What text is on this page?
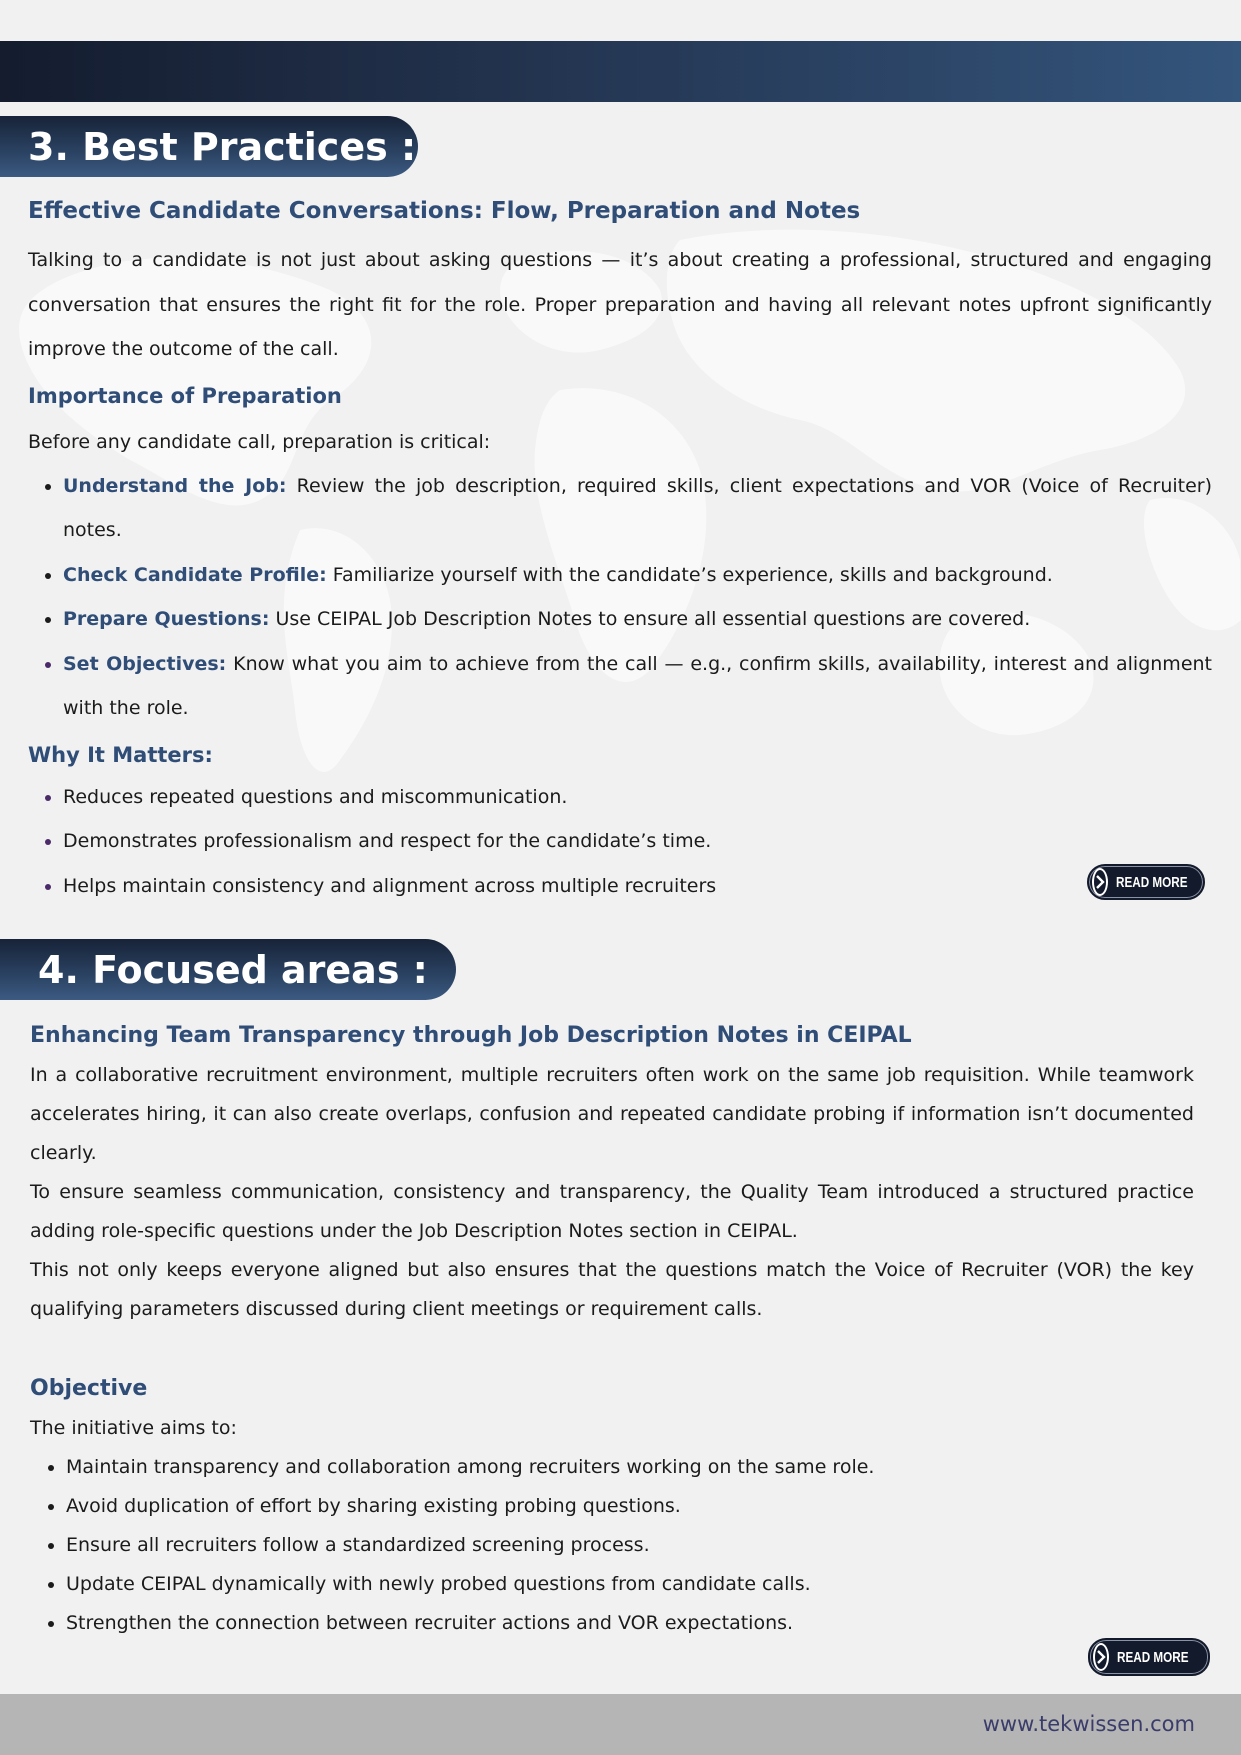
3. Best Practices :
Effective Candidate Conversations: Flow, Preparation and Notes

Talking to a candidate is not just about asking questions — it’s about creating a professional, structured and engaging conversation that ensures the right fit for the role. Proper preparation and having all relevant notes upfront significantly improve the outcome of the call.

Importance of Preparation

Before any candidate call, preparation is critical:

• Understand the Job: Review the job description, required skills, client expectations and VOR (Voice of Recruiter) notes.
• Check Candidate Profile: Familiarize yourself with the candidate’s experience, skills and background.
• Prepare Questions: Use CEIPAL Job Description Notes to ensure all essential questions are covered.
• Set Objectives: Know what you aim to achieve from the call — e.g., confirm skills, availability, interest and alignment with the role.
Why It Matters:
• Reduces repeated questions and miscommunication.
• Demonstrates professionalism and respect for the candidate’s time.
• Helps maintain consistency and alignment across multiple recruiters	READ MORE
4. Focused areas :
Enhancing Team Transparency through Job Description Notes in CEIPAL

In a collaborative recruitment environment, multiple recruiters often work on the same job requisition. While teamwork accelerates hiring, it can also create overlaps, confusion and repeated candidate probing if information isn’t documented clearly.

To ensure seamless communication, consistency and transparency, the Quality Team introduced a structured practice adding role-specific questions under the Job Description Notes section in CEIPAL.

This not only keeps everyone aligned but also ensures that the questions match the Voice of Recruiter (VOR) the key qualifying parameters discussed during client meetings or requirement calls.

Objective

The initiative aims to:

• Maintain transparency and collaboration among recruiters working on the same role.
• Avoid duplication of effort by sharing existing probing questions.
• Ensure all recruiters follow a standardized screening process.
• Update CEIPAL dynamically with newly probed questions from candidate calls.
• Strengthen the connection between recruiter actions and VOR expectations.
READ MORE
www.tekwissen.com
